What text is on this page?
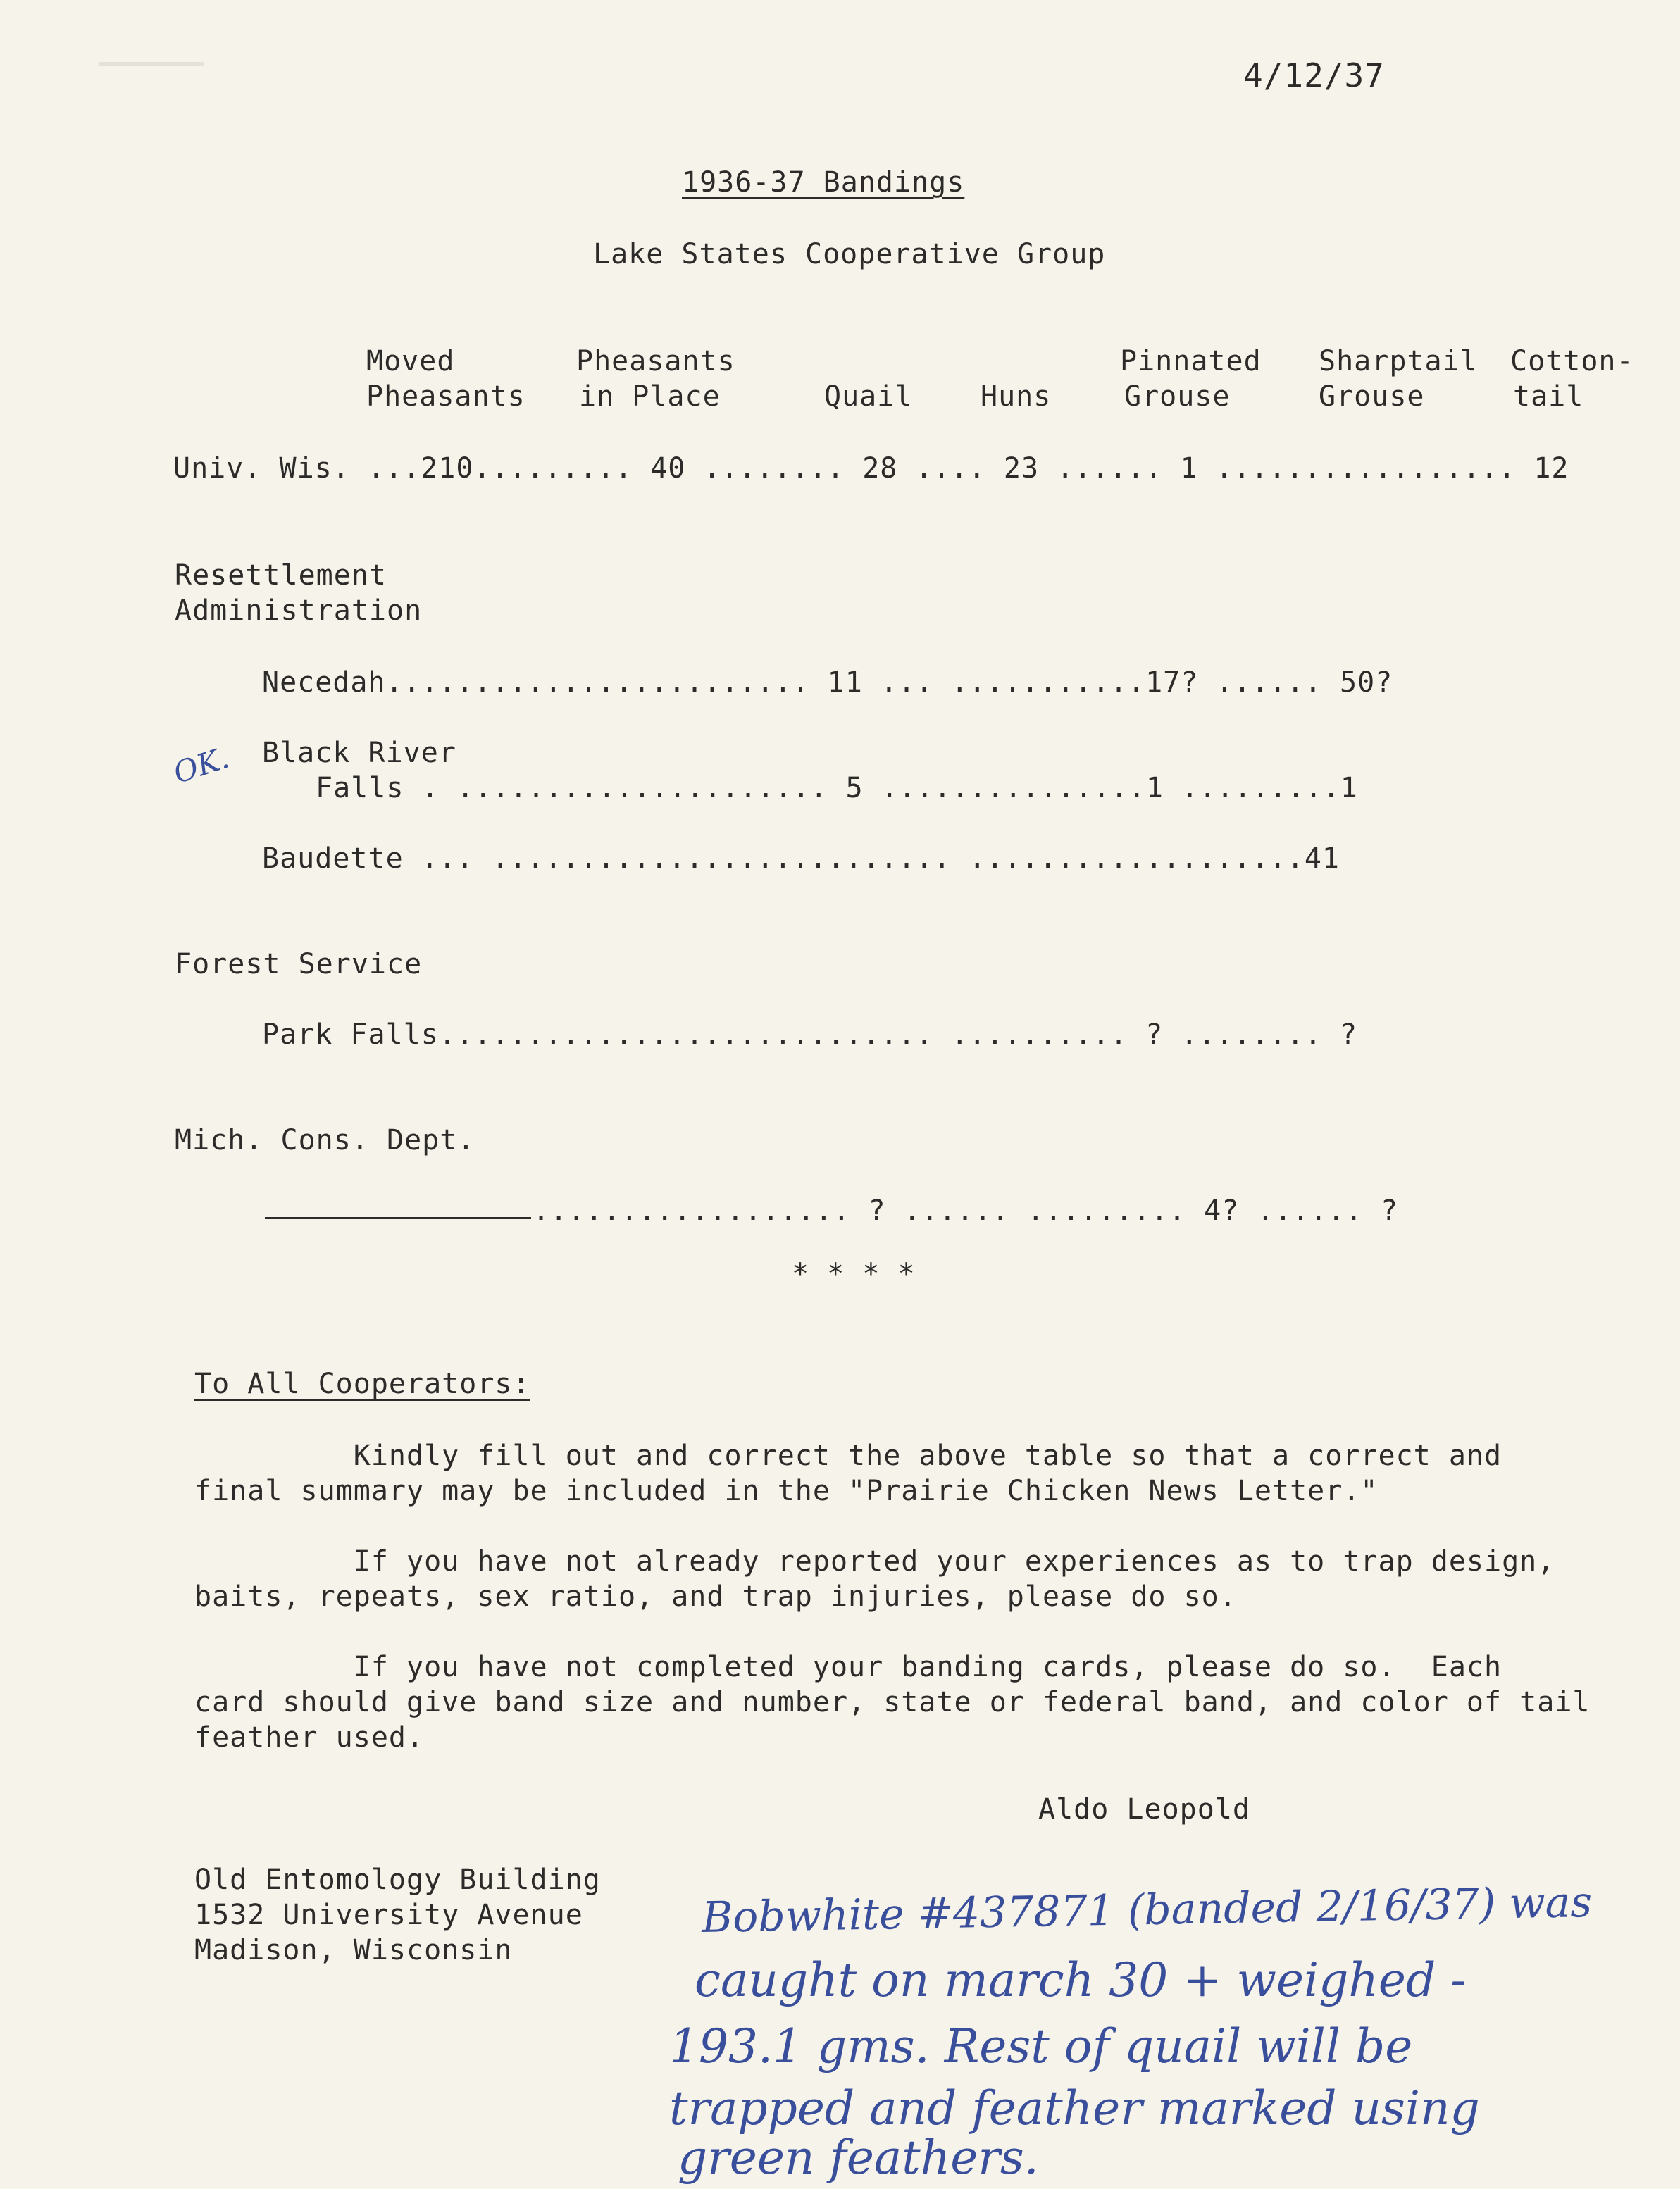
4/12/37
1936-37 Bandings
Lake States Cooperative Group
Moved
Pheasants
Pheasants
in Place	Quail Huns
Pinnated
Grouse
Sharptail
Grouse
Cotton-
tail
Univ. Wis. ...210......... 40 ........ 28 .... 23 ...... 1 ................. 12
Resettlement
Administration
Necedah........................ 11 ... ...........17? ...... 50?
OK. Black River
Falls . ..................... 5 ...............1 .........1
Baudette ... .......................... ...................41
Forest Service
Park Falls............................ .......... ? ........ ?
Mich. Cons. Dept.
.................. ? ...... ......... 4? ...... ?
* * * *
To All Cooperators:
Kindly fill out and correct the above table so that a correct and
final summary may be included in the "Prairie Chicken News Letter."
If you have not already reported your experiences as to trap design,
baits, repeats, sex ratio, and trap injuries, please do so.
If you have not completed your banding cards, please do so.  Each
card should give band size and number, state or federal band, and color of tail
feather used.
Aldo Leopold
Old Entomology Building
1532 University Avenue
Madison, Wisconsin
Bobwhite #437871 (banded 2/16/37) was
caught on march 30 + weighed -
193.1 gms. Rest of quail will be
trapped and feather marked using
green feathers.
